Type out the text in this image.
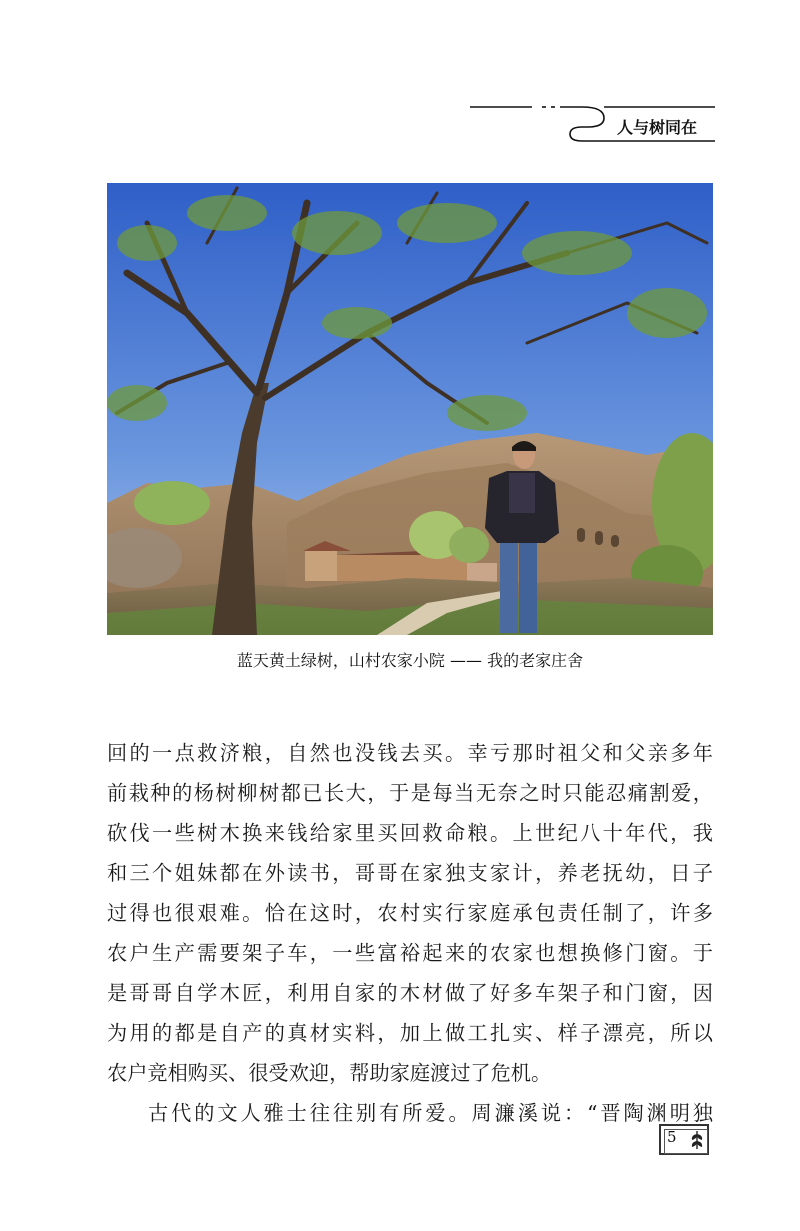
人与树同在
蓝天黄土绿树，山村农家小院 —— 我的老家庄舍
回的一点救济粮，自然也没钱去买。幸亏那时祖父和父亲多年
前栽种的杨树柳树都已长大，于是每当无奈之时只能忍痛割爱，
砍伐一些树木换来钱给家里买回救命粮。上世纪八十年代，我
和三个姐妹都在外读书，哥哥在家独支家计，养老抚幼，日子
过得也很艰难。恰在这时，农村实行家庭承包责任制了，许多
农户生产需要架子车，一些富裕起来的农家也想换修门窗。于
是哥哥自学木匠，利用自家的木材做了好多车架子和门窗，因
为用的都是自产的真材实料，加上做工扎实、样子漂亮，所以
农户竞相购买、很受欢迎，帮助家庭渡过了危机。
古代的文人雅士往往别有所爱。周濂溪说：“晋陶渊明独
5
